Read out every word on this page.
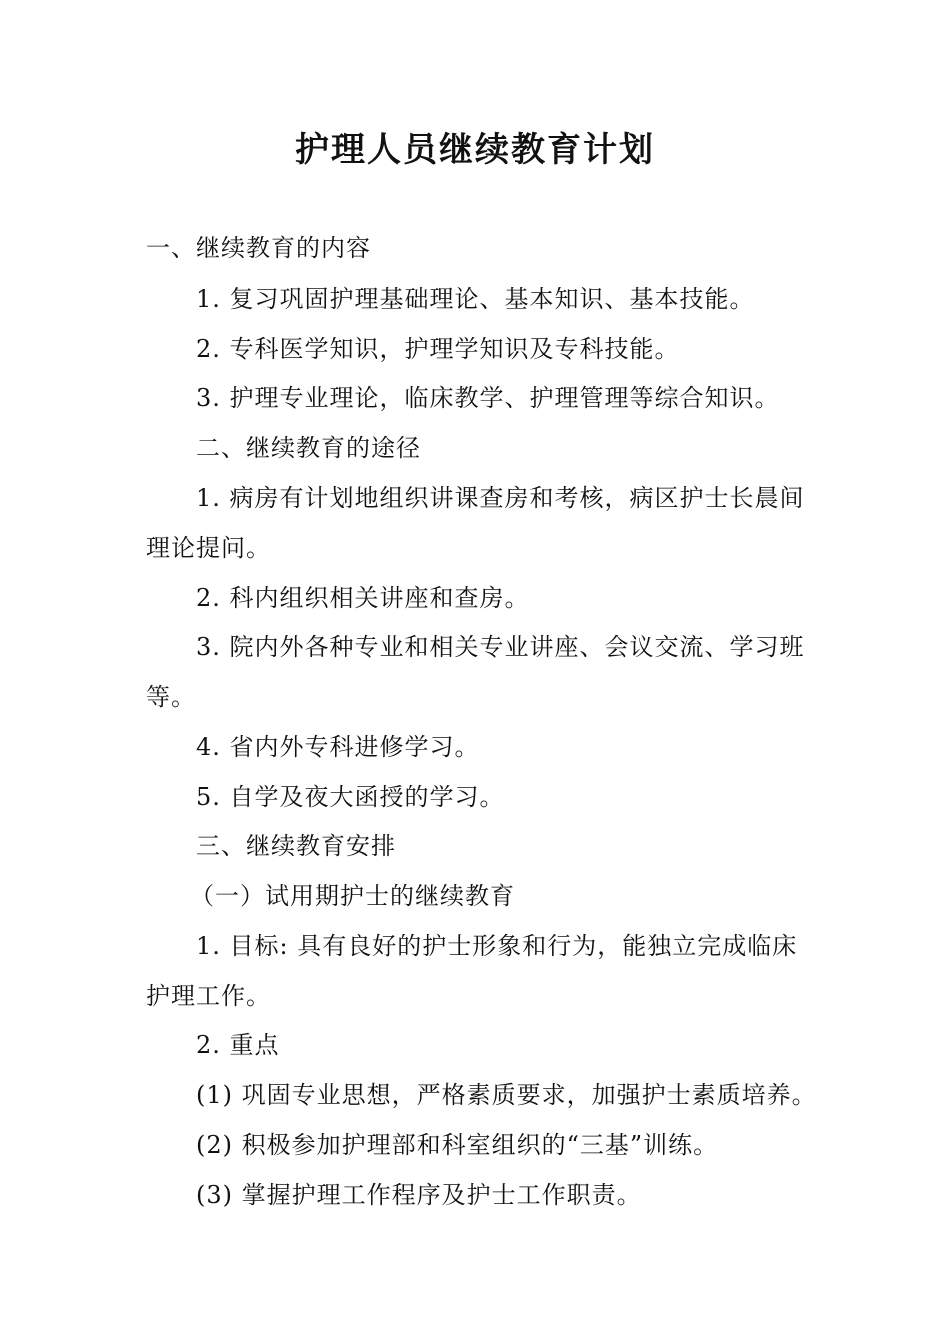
护理人员继续教育计划

一、继续教育的内容

1. 复习巩固护理基础理论、基本知识、基本技能。

2. 专科医学知识，护理学知识及专科技能。

3. 护理专业理论，临床教学、护理管理等综合知识。

二、继续教育的途径

1. 病房有计划地组织讲课查房和考核，病区护士长晨间

理论提问。

2. 科内组织相关讲座和查房。

3. 院内外各种专业和相关专业讲座、会议交流、学习班

等。

4. 省内外专科进修学习。

5. 自学及夜大函授的学习。

三、继续教育安排

（一）试用期护士的继续教育

1. 目标: 具有良好的护士形象和行为，能独立完成临床

护理工作。

2. 重点

(1) 巩固专业思想，严格素质要求，加强护士素质培养。

(2) 积极参加护理部和科室组织的“三基”训练。

(3) 掌握护理工作程序及护士工作职责。
